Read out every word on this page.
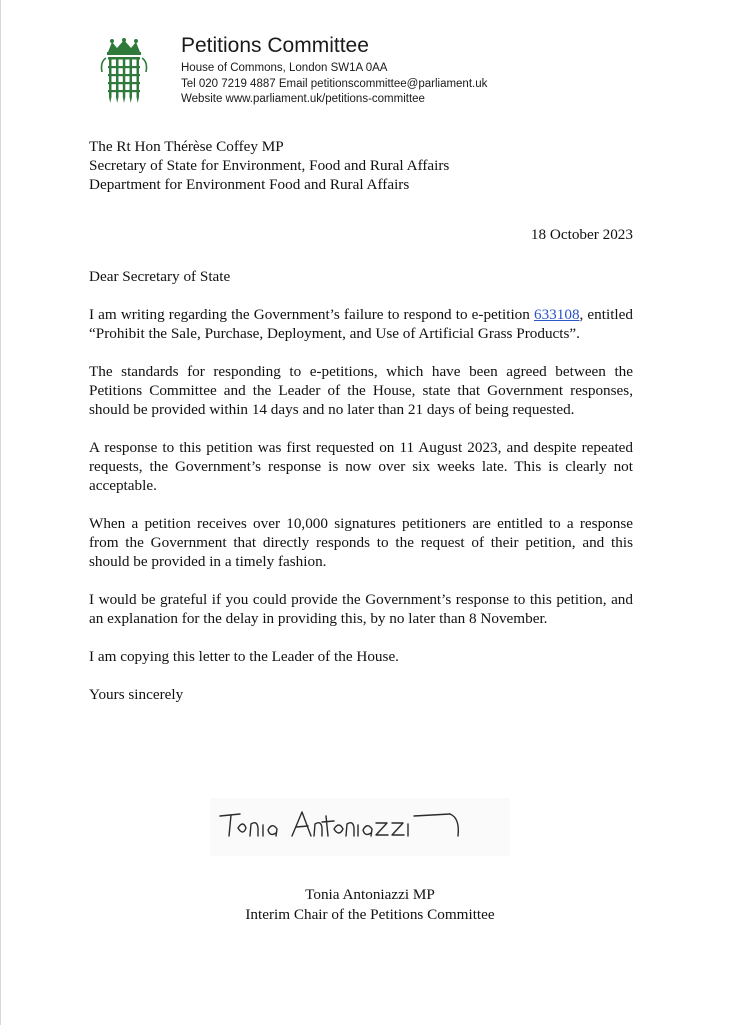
Petitions Committee
House of Commons, London SW1A 0AA
Tel 020 7219 4887 Email petitionscommittee@parliament.uk
Website www.parliament.uk/petitions-committee
The Rt Hon Thérèse Coffey MP
Secretary of State for Environment, Food and Rural Affairs
Department for Environment Food and Rural Affairs
18 October 2023

Dear Secretary of State

I am writing regarding the Government’s failure to respond to e-petition 633108, entitled “Prohibit the Sale, Purchase, Deployment, and Use of Artificial Grass Products”.

The standards for responding to e-petitions, which have been agreed between the Petitions Committee and the Leader of the House, state that Government responses, should be provided within 14 days and no later than 21 days of being requested.

A response to this petition was first requested on 11 August 2023, and despite repeated requests, the Government’s response is now over six weeks late. This is clearly not acceptable.

When a petition receives over 10,000 signatures petitioners are entitled to a response from the Government that directly responds to the request of their petition, and this should be provided in a timely fashion.

I would be grateful if you could provide the Government’s response to this petition, and an explanation for the delay in providing this, by no later than 8 November.

I am copying this letter to the Leader of the House.

Yours sincerely

Tonia Antoniazzi MP
Interim Chair of the Petitions Committee
